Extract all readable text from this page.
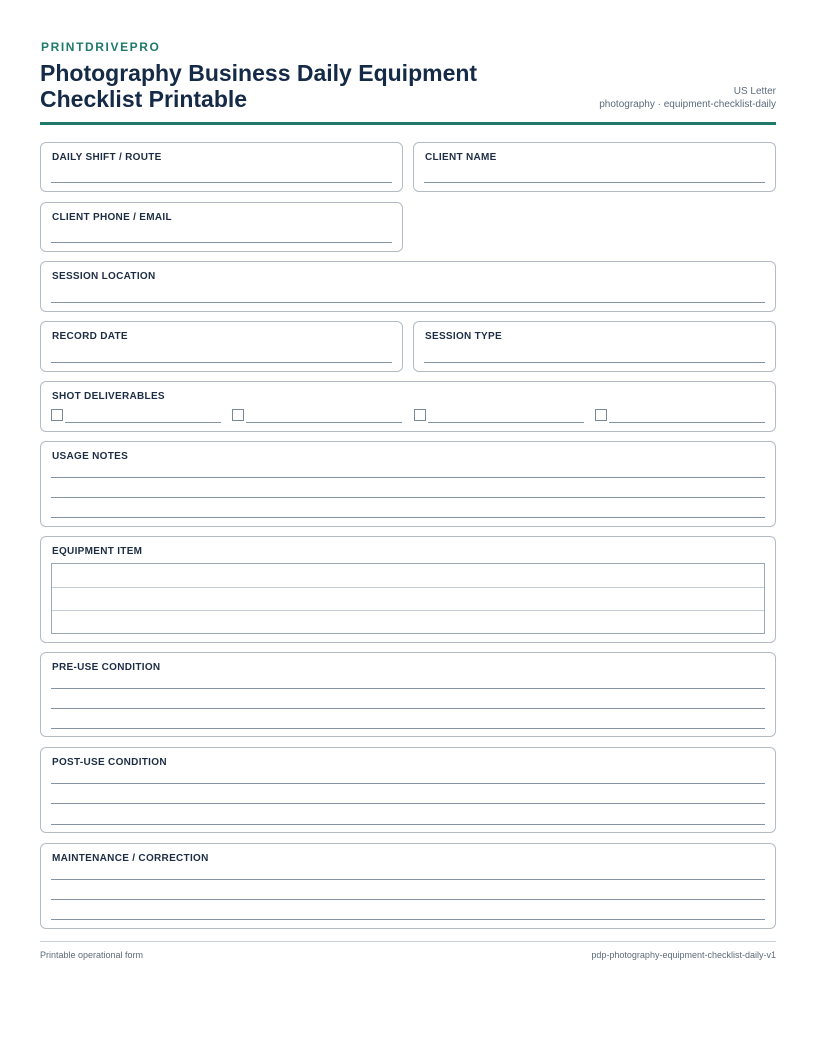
PRINTDRIVEPRO
Photography Business Daily Equipment Checklist Printable	US Letter
photography · equipment-checklist-daily
DAILY SHIFT / ROUTE	CLIENT NAME
CLIENT PHONE / EMAIL
SESSION LOCATION
RECORD DATE	SESSION TYPE
SHOT DELIVERABLES
USAGE NOTES
EQUIPMENT ITEM
PRE-USE CONDITION
POST-USE CONDITION
MAINTENANCE / CORRECTION
Printable operational form	pdp-photography-equipment-checklist-daily-v1
